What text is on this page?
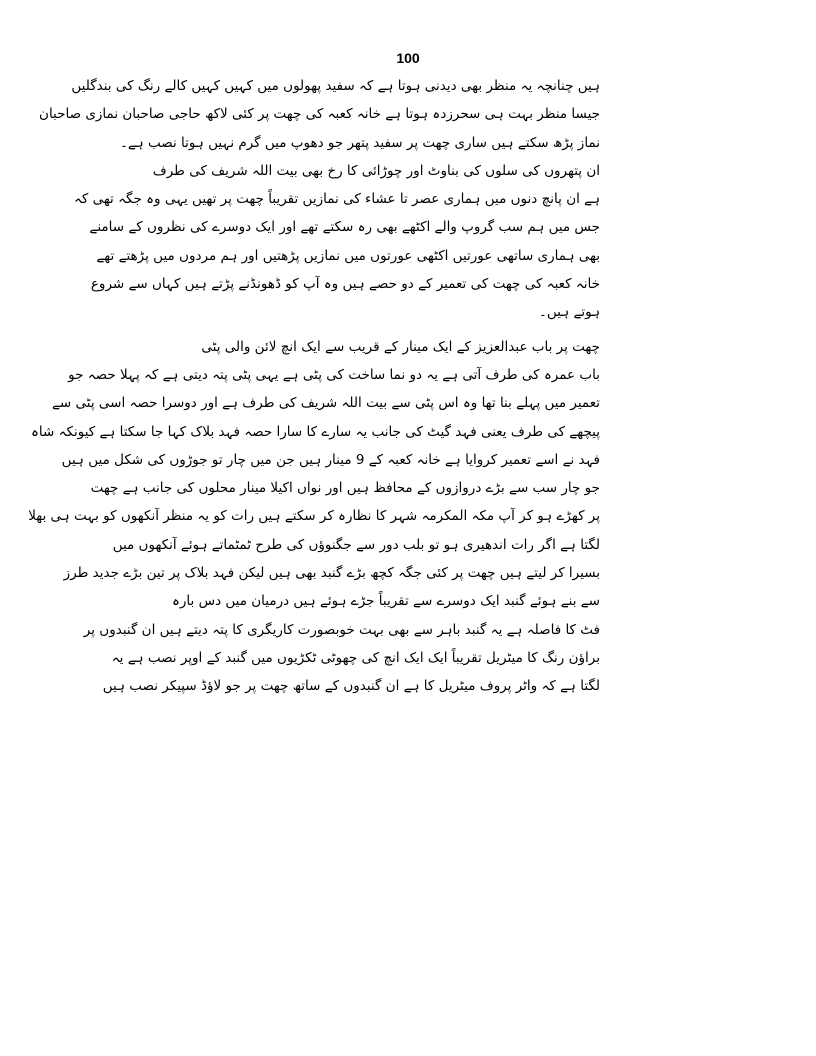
100
ہیں چنانچہ یہ منظر بھی دیدنی ہوتا ہے کہ سفید پھولوں میں کہیں کہیں کالے رنگ کی بندگلیں
جیسا منظر بہت ہی سحرزدہ ہوتا ہے خانہ کعبہ کی چھت پر کئی لاکھ حاجی صاحبان نمازی صاحبان
نماز پڑھ سکتے ہیں ساری چھت پر سفید پتھر جو دھوپ میں گرم نہیں ہوتا نصب ہے۔
ان پتھروں کی سلوں کی بناوٹ اور چوڑائی کا رخ بھی بیت اللہ شریف کی طرف
ہے ان پانچ دنوں میں ہماری عصر تا عشاء کی نمازیں تقریباً چھت پر تھیں یہی وہ جگہ تھی کہ
جس میں ہم سب گروپ والے اکٹھے بھی رہ سکتے تھے اور ایک دوسرے کی نظروں کے سامنے
بھی ہماری ساتھی عورتیں اکٹھی عورتوں میں نمازیں پڑھتیں اور ہم مردوں میں پڑھتے تھے
خانہ کعبہ کی چھت کی تعمیر کے دو حصے ہیں وہ آپ کو ڈھونڈنے پڑتے ہیں کہاں سے شروع
ہوتے ہیں۔
چھت پر باب عبدالعزیز کے ایک مینار کے قریب سے ایک انچ لائن والی پٹی
باب عمرہ کی طرف آتی ہے یہ دو نما ساخت کی پٹی ہے یہی پٹی پتہ دیتی ہے کہ پہلا حصہ جو
تعمیر میں پہلے بنا تھا وہ اس پٹی سے بیت اللہ شریف کی طرف ہے اور دوسرا حصہ اسی پٹی سے
پیچھے کی طرف یعنی فہد گیٹ کی جانب یہ سارے کا سارا حصہ فہد بلاک کہا جا سکتا ہے کیونکہ شاہ
فہد نے اسے تعمیر کروایا ہے خانہ کعبہ کے 9 مینار ہیں جن میں چار تو جوڑوں کی شکل میں ہیں
جو چار سب سے بڑے دروازوں کے محافظ ہیں اور نواں اکیلا مینار محلوں کی جانب ہے چھت
پر کھڑے ہو کر آپ مکہ المکرمہ شہر کا نظارہ کر سکتے ہیں رات کو یہ منظر آنکھوں کو بہت ہی بھلا
لگتا ہے اگر رات اندھیری ہو تو بلب دور سے جگنوؤں کی طرح ٹمٹماتے ہوئے آنکھوں میں
بسیرا کر لیتے ہیں چھت پر کئی جگہ کچھ بڑے گنبد بھی ہیں لیکن فہد بلاک پر تین بڑے جدید طرز
سے بنے ہوئے گنبد ایک دوسرے سے تقریباً جڑے ہوئے ہیں درمیان میں دس بارہ
فٹ کا فاصلہ ہے یہ گنبد باہر سے بھی بہت خوبصورت کاریگری کا پتہ دیتے ہیں ان گنبدوں پر
براؤن رنگ کا میٹریل تقریباً ایک ایک انچ کی چھوٹی ٹکڑیوں میں گنبد کے اوپر نصب ہے یہ
لگتا ہے کہ واٹر پروف میٹریل کا ہے ان گنبدوں کے ساتھ چھت پر جو لاؤڈ سپیکر نصب ہیں
